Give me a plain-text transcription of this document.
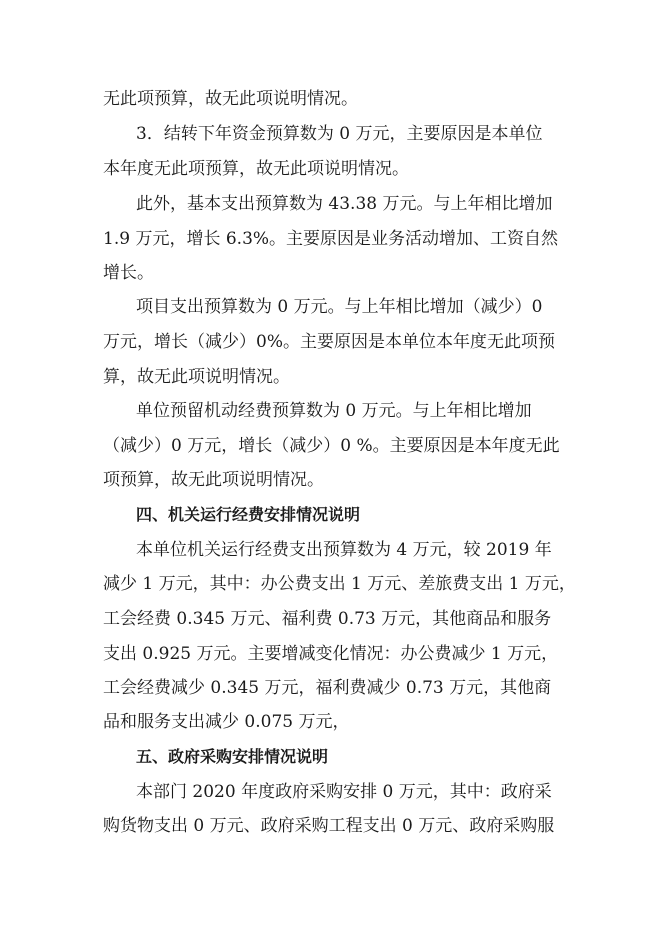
无此项预算，故无此项说明情况。

3．结转下年资金预算数为 0 万元，主要原因是本单位

本年度无此项预算，故无此项说明情况。

此外，基本支出预算数为 43.38 万元。与上年相比增加

1.9 万元，增长 6.3%。主要原因是业务活动增加、工资自然

增长。

项目支出预算数为 0 万元。与上年相比增加（减少）0

万元，增长（减少）0%。主要原因是本单位本年度无此项预

算，故无此项说明情况。

单位预留机动经费预算数为 0 万元。与上年相比增加

（减少）0 万元，增长（减少）0 %。主要原因是本年度无此

项预算，故无此项说明情况。

四、机关运行经费安排情况说明

本单位机关运行经费支出预算数为 4 万元，较 2019 年

减少 1 万元，其中：办公费支出 1 万元、差旅费支出 1 万元，

工会经费 0.345 万元、福利费 0.73 万元，其他商品和服务

支出 0.925 万元。主要增减变化情况：办公费减少 1 万元，

工会经费减少 0.345 万元，福利费减少 0.73 万元，其他商

品和服务支出减少 0.075 万元，

五、政府采购安排情况说明

本部门 2020 年度政府采购安排 0 万元，其中：政府采

购货物支出 0 万元、政府采购工程支出 0 万元、政府采购服
